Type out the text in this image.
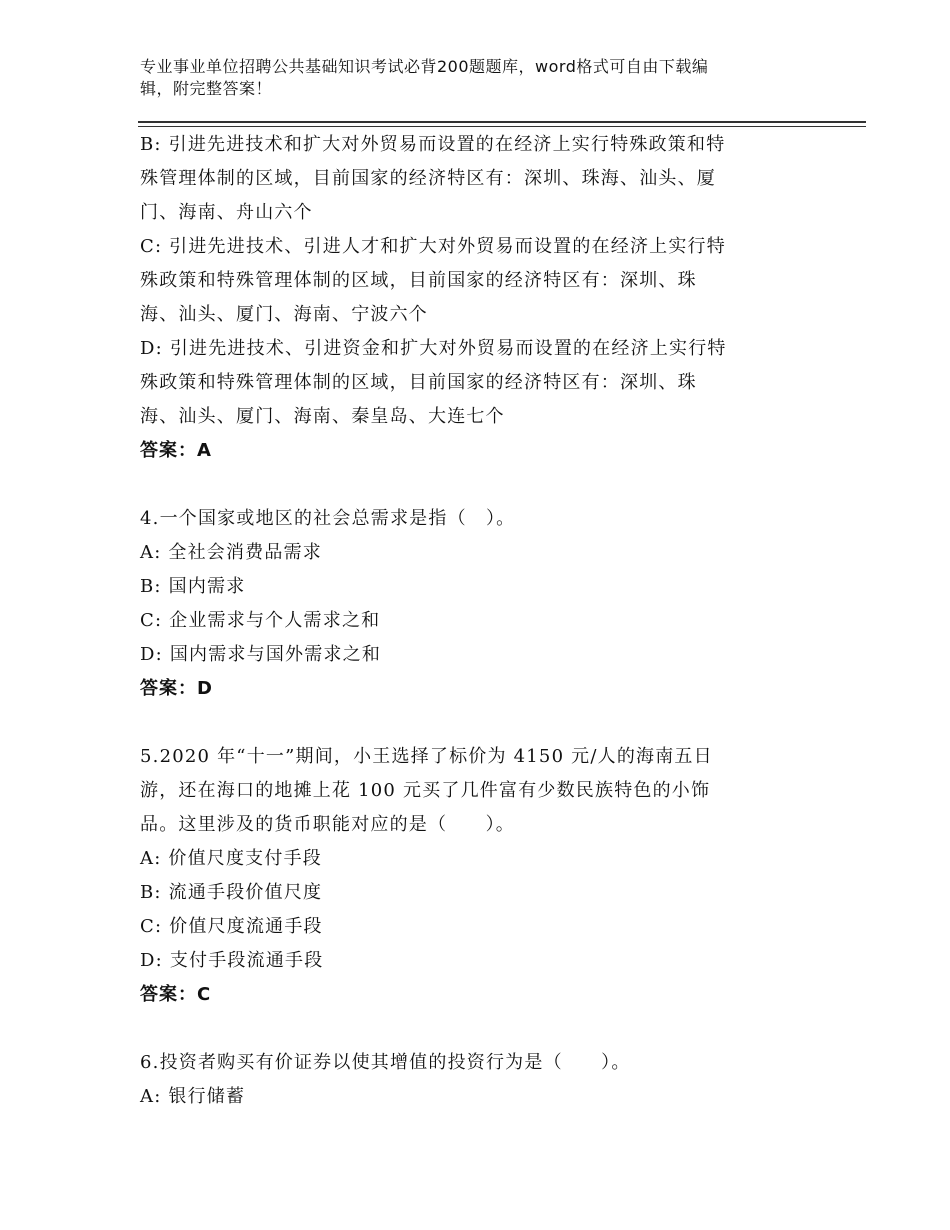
专业事业单位招聘公共基础知识考试必背200题题库，word格式可自由下载编
辑，附完整答案！
B: 引进先进技术和扩大对外贸易而设置的在经济上实行特殊政策和特
殊管理体制的区域，目前国家的经济特区有：深圳、珠海、汕头、厦
门、海南、舟山六个
C: 引进先进技术、引进人才和扩大对外贸易而设置的在经济上实行特
殊政策和特殊管理体制的区域，目前国家的经济特区有：深圳、珠
海、汕头、厦门、海南、宁波六个
D: 引进先进技术、引进资金和扩大对外贸易而设置的在经济上实行特
殊政策和特殊管理体制的区域，目前国家的经济特区有：深圳、珠
海、汕头、厦门、海南、秦皇岛、大连七个
答案：A
4.一个国家或地区的社会总需求是指（　）。
A: 全社会消费品需求
B: 国内需求
C: 企业需求与个人需求之和
D: 国内需求与国外需求之和
答案：D
5.2020 年“十一”期间，小王选择了标价为 4150 元/人的海南五日
游，还在海口的地摊上花 100 元买了几件富有少数民族特色的小饰
品。这里涉及的货币职能对应的是（　　）。
A: 价值尺度支付手段
B: 流通手段价值尺度
C: 价值尺度流通手段
D: 支付手段流通手段
答案：C
6.投资者购买有价证券以使其增值的投资行为是（　　）。
A: 银行储蓄
